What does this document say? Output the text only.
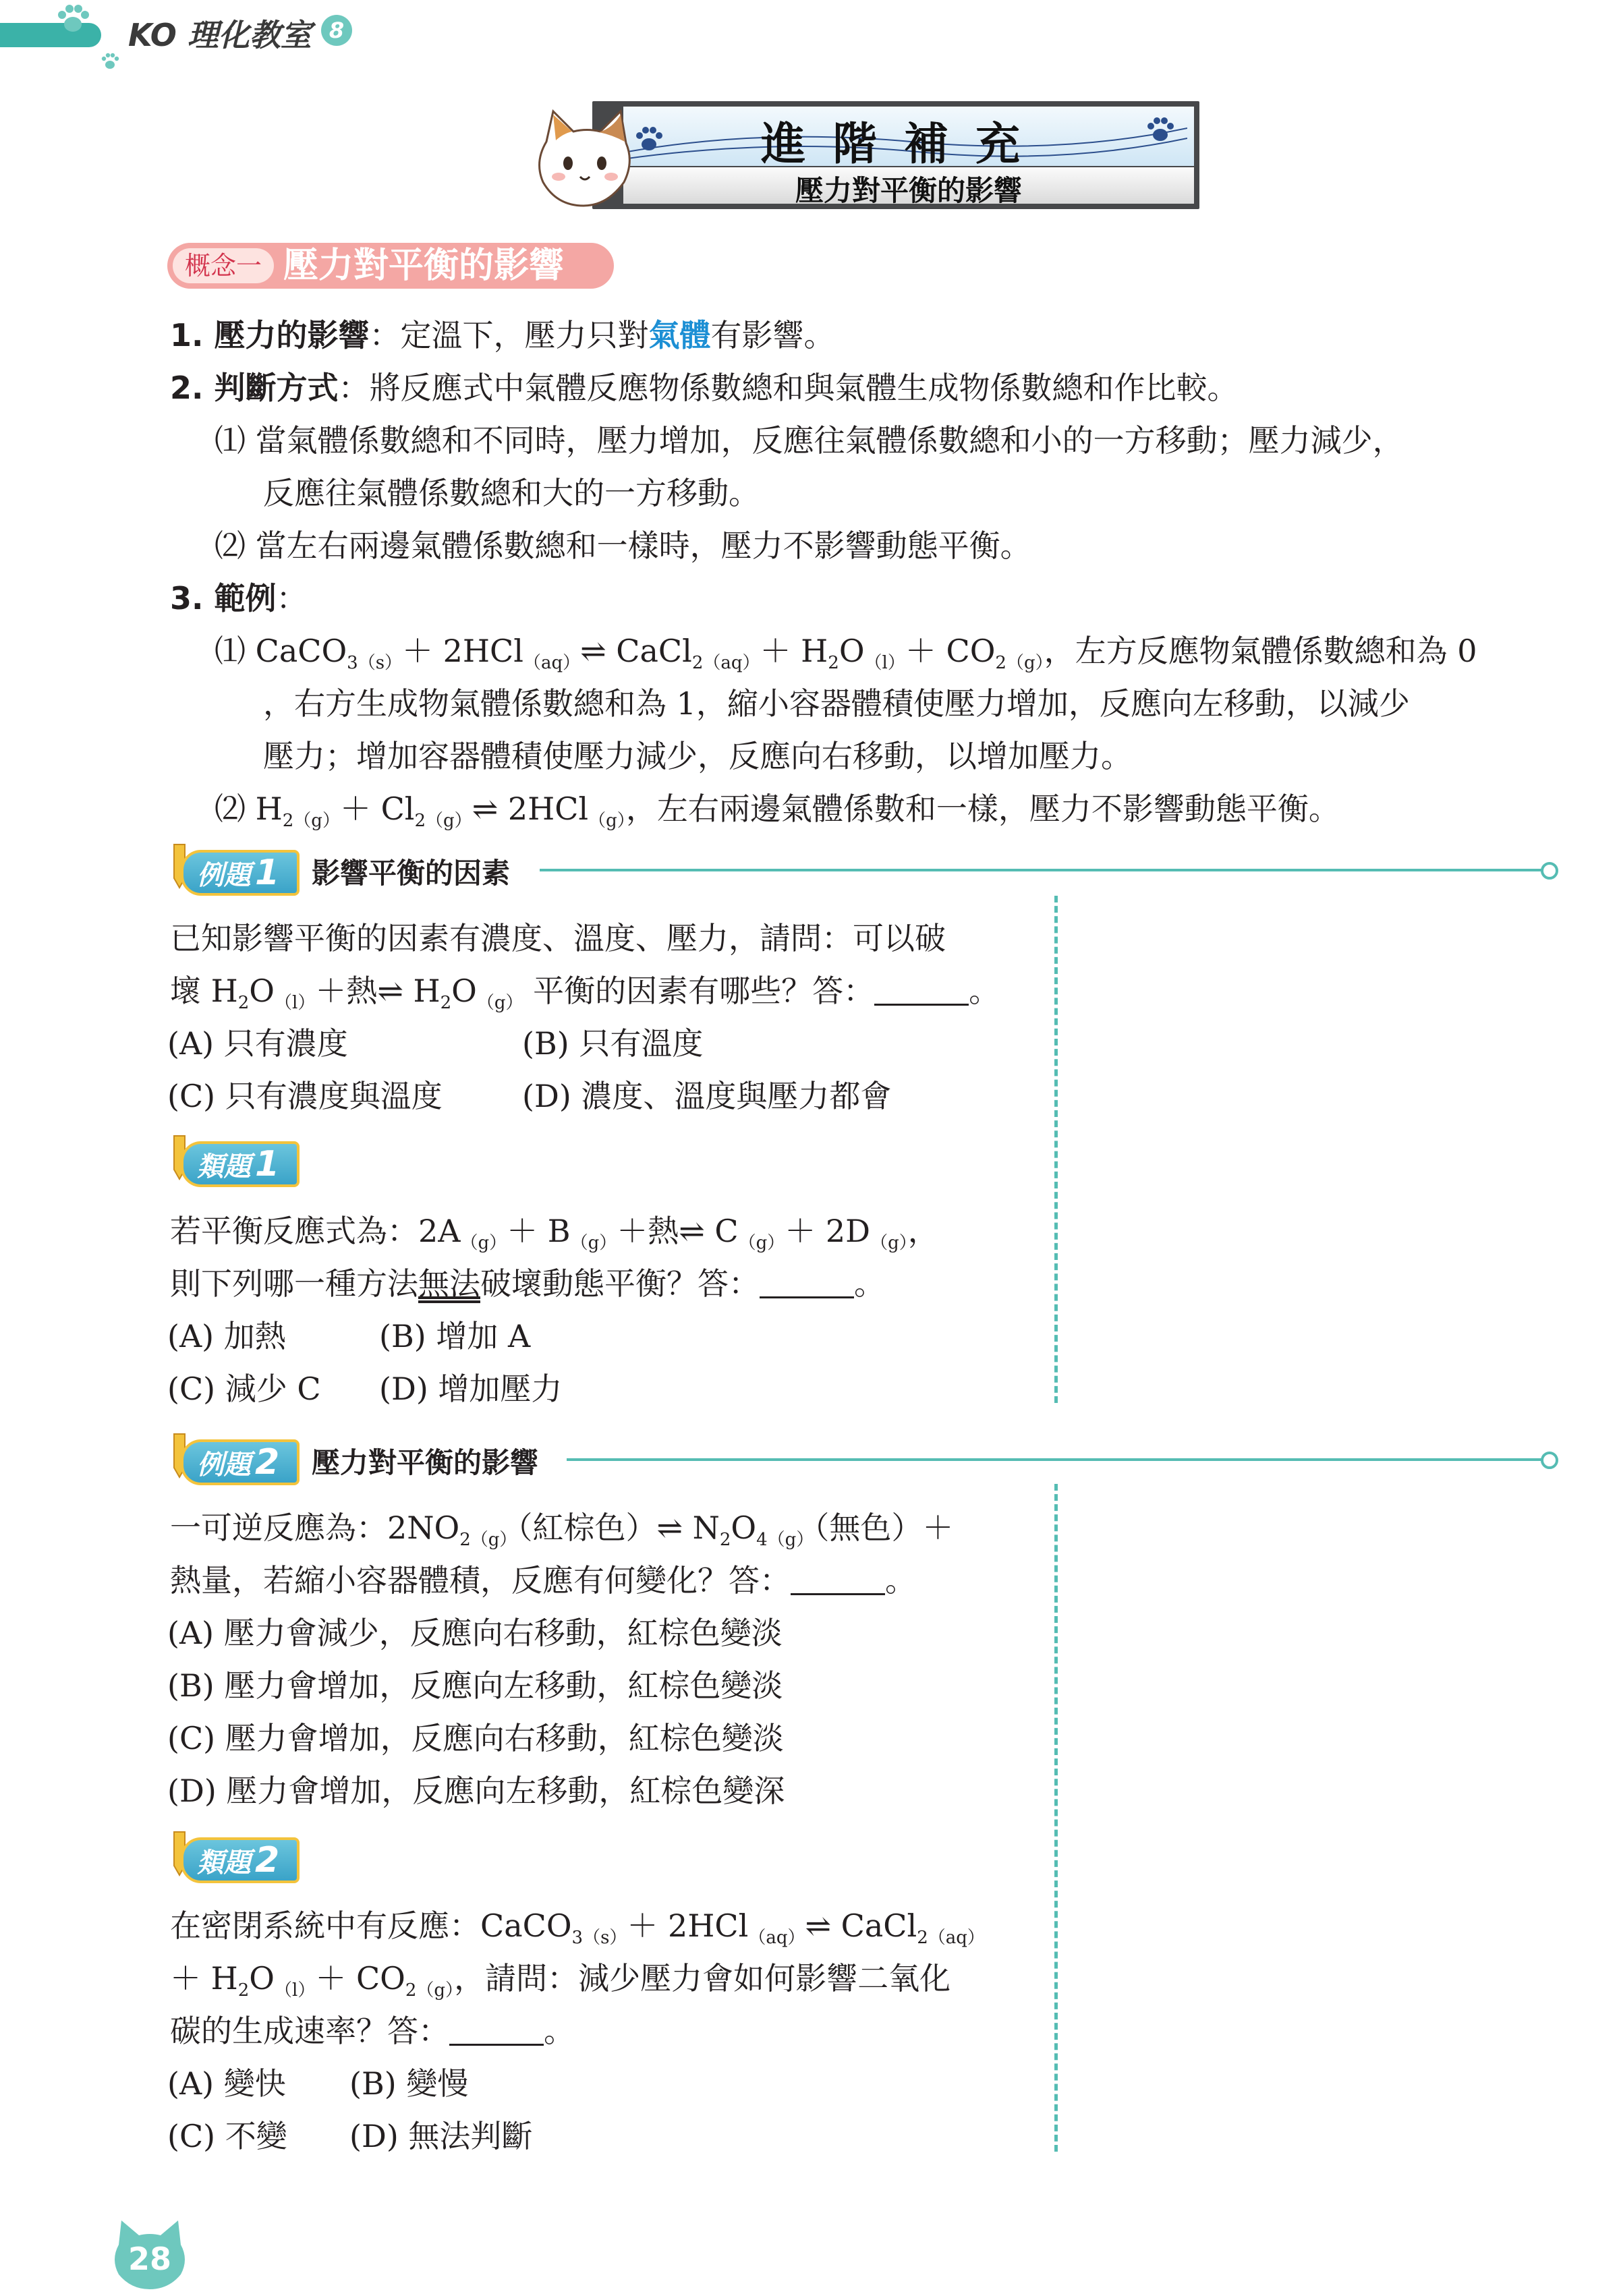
KO 理化教室 8
進階補充
壓力對平衡的影響
概念一 壓力對平衡的影響
1. 壓力的影響：定溫下，壓力只對氣體有影響。
2. 判斷方式：將反應式中氣體反應物係數總和與氣體生成物係數總和作比較。
⑴ 當氣體係數總和不同時，壓力增加，反應往氣體係數總和小的一方移動；壓力減少，
反應往氣體係數總和大的一方移動。
⑵ 當左右兩邊氣體係數總和一樣時，壓力不影響動態平衡。
3. 範例：
⑴ CaCO$_{3(s)}$＋ 2HCl$_{(aq)}$⇌ CaCl$_{2(aq)}$＋ $H_2O_{(l)}+ CO_{2(g)}$，左方反應物氣體係數總和為 0
，右方生成物氣體係數總和為 1，縮小容器體積使壓力增加，反應向左移動，以減少
壓力；增加容器體積使壓力減少，反應向右移動，以增加壓力。
⑵ $H_{2(g)}+$ $Cl_{2(g)}\rightleftharpoons$ 2HCl$_{(g)}$，左右兩邊氣體係數和一樣，壓力不影響動態平衡。
例題 1	影響平衡的因素
已知影響平衡的因素有濃度、溫度、壓力，請問：可以破
壞 $H_2O_{(l)}+$熱⇌ $H_2O_{(g)}$ 平衡的因素有哪些？答：	。
(A) 只有濃度	(B) 只有溫度
(C) 只有濃度與溫度	(D) 濃度、溫度與壓力都會
類題 1
若平衡反應式為：$2A_{(g)}+ B_{(g)}+$熱⇌ $C_{(g)}+ 2D_{(g)}$，
則下列哪一種方法無法破壞動態平衡？答：	。
(A) 加熱	(B) 增加 A
(C) 減少 C (D) 增加壓力
例題 2	壓力對平衡的影響
一可逆反應為：$2NO_{2(g)}$（紅棕色）⇌ $N_2O_{4(g)}$（無色）＋
熱量，若縮小容器體積，反應有何變化？答：	。
(A) 壓力會減少，反應向右移動，紅棕色變淡
(B) 壓力會增加，反應向左移動，紅棕色變淡
(C) 壓力會增加，反應向右移動，紅棕色變淡
(D) 壓力會增加，反應向左移動，紅棕色變深
類題 2
在密閉系統中有反應：CaCO$_{3(s)}$＋ 2HCl$_{(aq)}$⇌ CaCl$_{2(aq)}$
＋ $H_2O_{(l)}+ CO_{2(g)}$，請問：減少壓力會如何影響二氧化
碳的生成速率？答：	。
(A) 變快 (B) 變慢
(C) 不變 (D) 無法判斷
28
